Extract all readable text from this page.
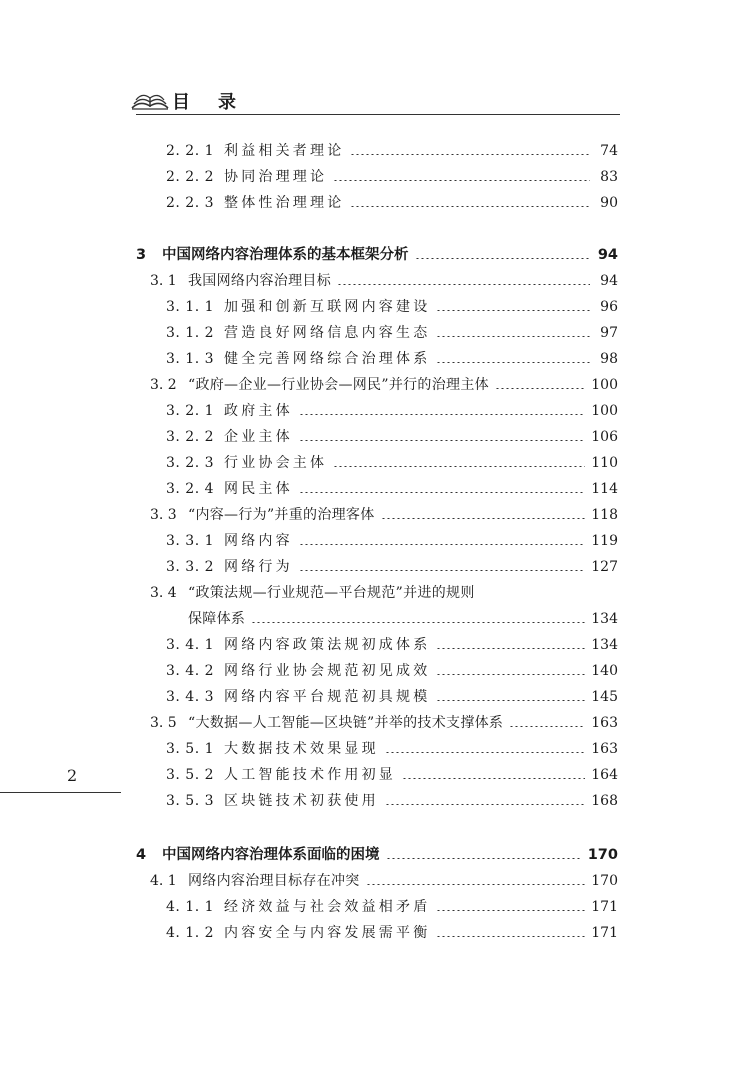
目 录
2. 2. 1 利益相关者理论	74
2. 2. 2 协同治理理论	83
2. 2. 3 整体性治理理论	90
3	中国网络内容治理体系的基本框架分析	94
3. 1 我国网络内容治理目标	94
3. 1. 1 加强和创新互联网内容建设	96
3. 1. 2 营造良好网络信息内容生态	97
3. 1. 3 健全完善网络综合治理体系	98
3. 2 “政府—企业—行业协会—网民”并行的治理主体	100
3. 2. 1 政府主体	100
3. 2. 2 企业主体	106
3. 2. 3 行业协会主体	110
3. 2. 4 网民主体	114
3. 3 “内容—行为”并重的治理客体	118
3. 3. 1 网络内容	119
3. 3. 2 网络行为	127
3. 4 “政策法规—行业规范—平台规范”并进的规则
保障体系	134
3. 4. 1 网络内容政策法规初成体系	134
3. 4. 2 网络行业协会规范初见成效	140
3. 4. 3 网络内容平台规范初具规模	145
3. 5 “大数据—人工智能—区块链”并举的技术支撑体系	163
3. 5. 1 大数据技术效果显现	163
3. 5. 2 人工智能技术作用初显	164
3. 5. 3 区块链技术初获使用	168
4	中国网络内容治理体系面临的困境	170
4. 1 网络内容治理目标存在冲突	170
4. 1. 1 经济效益与社会效益相矛盾	171
4. 1. 2 内容安全与内容发展需平衡	171
2
